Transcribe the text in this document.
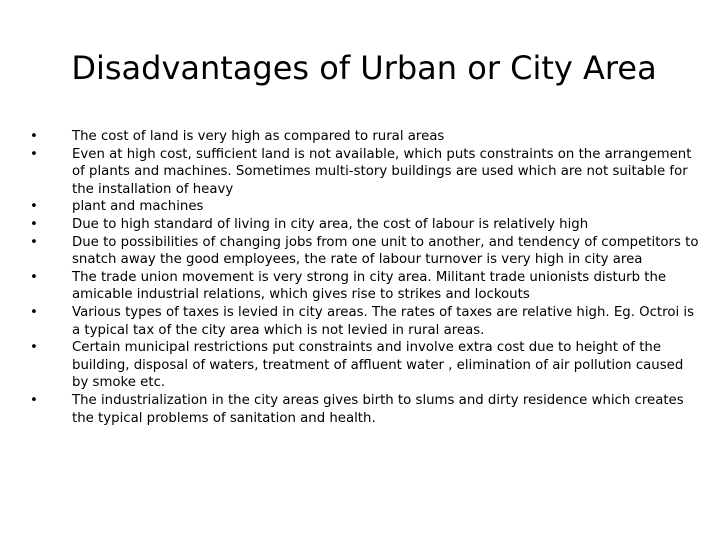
Disadvantages of Urban or City Area
• The cost of land is very high as compared to rural areas
• Even at high cost, sufficient land is not available, which puts constraints on the arrangement of plants and machines. Sometimes multi-story buildings are used which are not suitable for the installation of heavy
• plant and machines
• Due to high standard of living in city area, the cost of labour is relatively high
• Due to possibilities of changing jobs from one unit to another, and tendency of competitors to snatch away the good employees, the rate of labour turnover is very high in city area
• The trade union movement is very strong in city area. Militant trade unionists disturb the amicable industrial relations, which gives rise to strikes and lockouts
• Various types of taxes is levied in city areas. The rates of taxes are relative high. Eg. Octroi is a typical tax of the city area which is not levied in rural areas.
• Certain municipal restrictions put constraints and involve extra cost due to height of the building, disposal of waters, treatment of affluent water , elimination of air pollution caused by smoke etc.
• The industrialization in the city areas gives birth to slums and dirty residence which creates the typical problems of sanitation and health.
